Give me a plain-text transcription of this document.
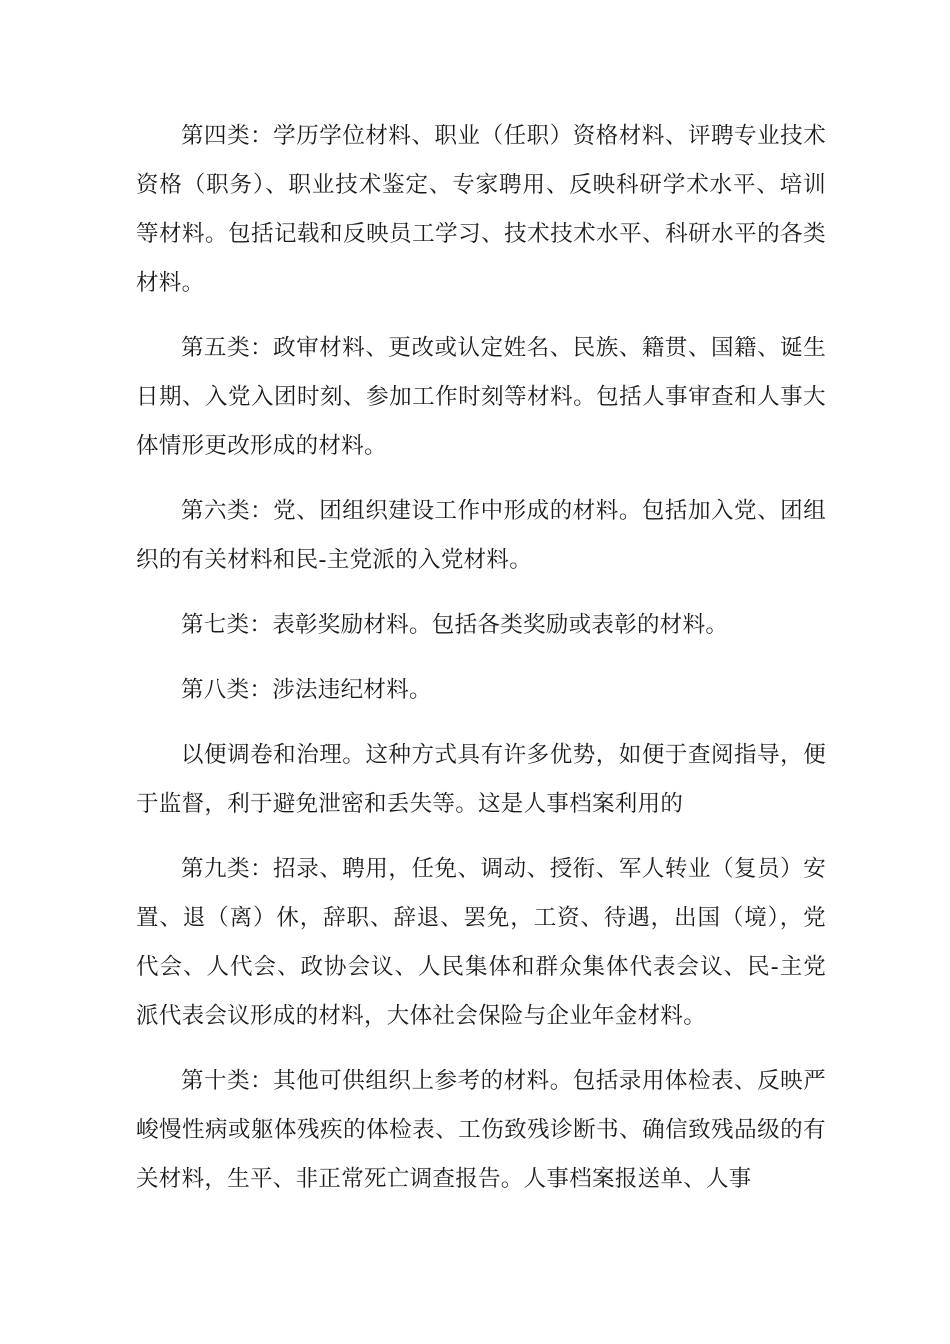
第四类：学历学位材料、职业（任职）资格材料、评聘专业技术资格（职务）、职业技术鉴定、专家聘用、反映科研学术水平、培训等材料。包括记载和反映员工学习、技术技术水平、科研水平的各类材料。

第五类：政审材料、更改或认定姓名、民族、籍贯、国籍、诞生日期、入党入团时刻、参加工作时刻等材料。包括人事审查和人事大体情形更改形成的材料。

第六类：党、团组织建设工作中形成的材料。包括加入党、团组织的有关材料和民-主党派的入党材料。

第七类：表彰奖励材料。包括各类奖励或表彰的材料。

第八类：涉法违纪材料。

以便调卷和治理。这种方式具有许多优势，如便于查阅指导，便于监督，利于避免泄密和丢失等。这是人事档案利用的

第九类：招录、聘用，任免、调动、授衔、军人转业（复员）安置、退（离）休，辞职、辞退、罢免，工资、待遇，出国（境），党代会、人代会、政协会议、人民集体和群众集体代表会议、民-主党派代表会议形成的材料，大体社会保险与企业年金材料。

第十类：其他可供组织上参考的材料。包括录用体检表、反映严峻慢性病或躯体残疾的体检表、工伤致残诊断书、确信致残品级的有关材料，生平、非正常死亡调查报告。人事档案报送单、人事
